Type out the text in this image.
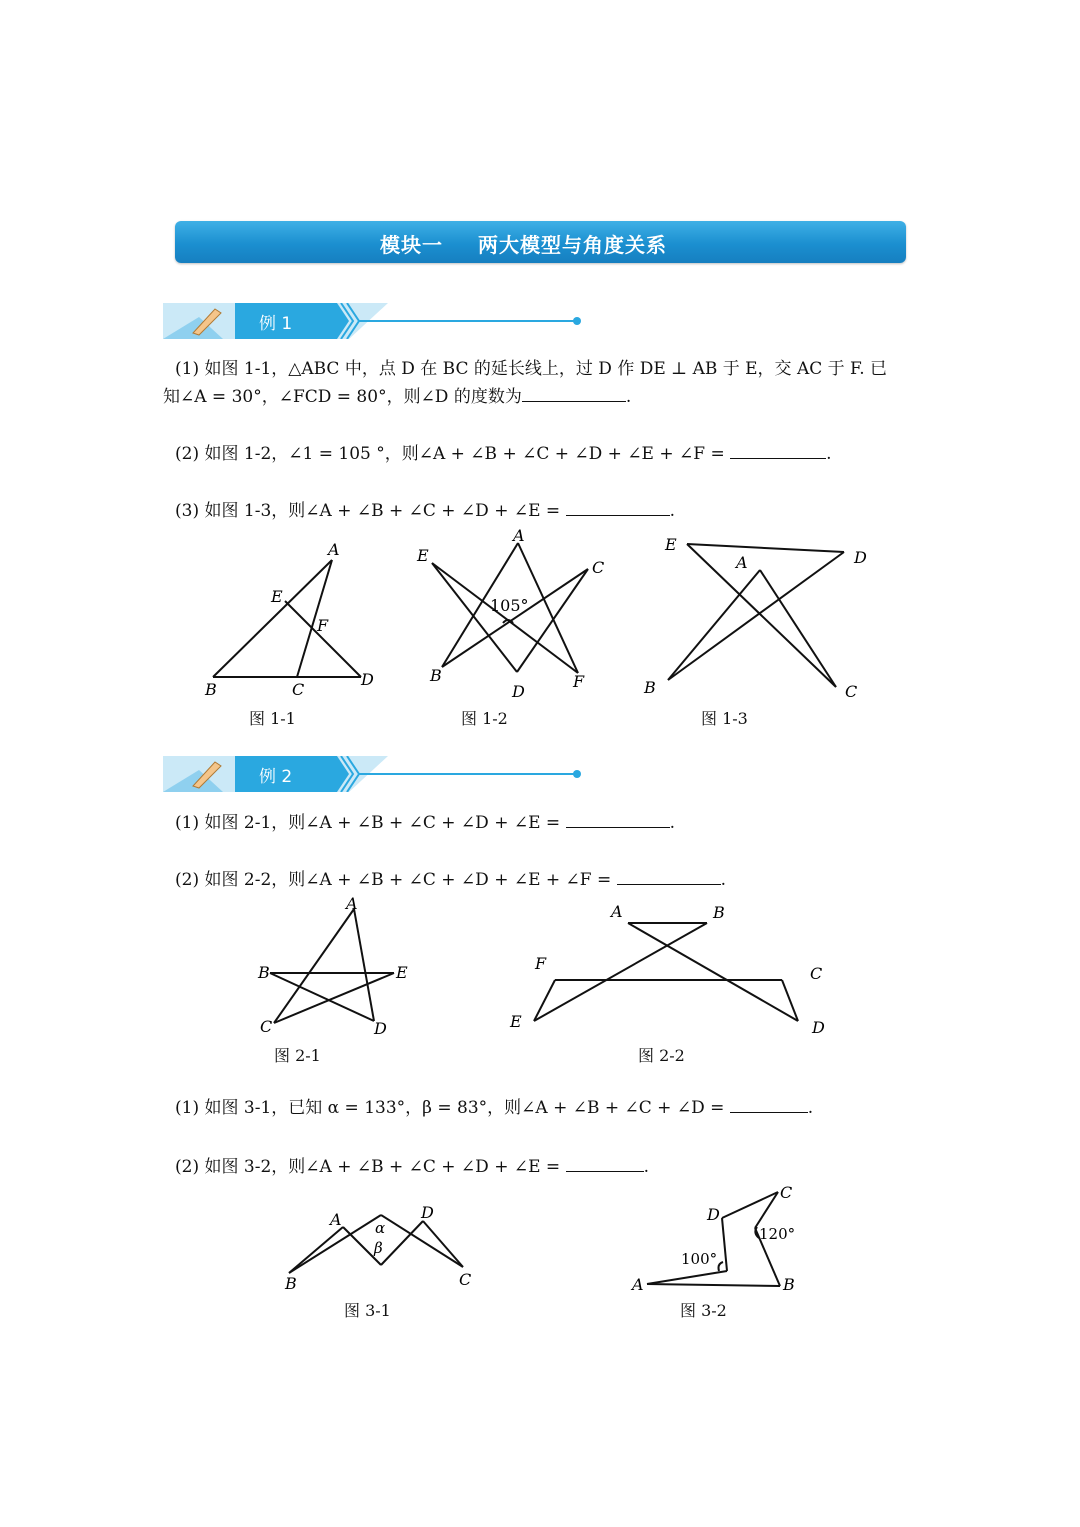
模块一 两大模型与角度关系
例 1
(1) 如图 1-1，△ABC 中，点 D 在 BC 的延长线上，过 D 作 DE ⊥ AB 于 E，交 AC 于 F. 已
知∠A = 30°，∠FCD = 80°，则∠D 的度数为	.
(2) 如图 1-2，∠1 = 105 °，则∠A + ∠B + ∠C + ∠D + ∠E + ∠F =	.
(3) 如图 1-3，则∠A + ∠B + ∠C + ∠D + ∠E =	.
A
B	C
D
E
F
图 1-1
A
B
C
D
E
F
105°
图 1-2
A
B	C
D
E
图 1-3
例 2
(1) 如图 2-1，则∠A + ∠B + ∠C + ∠D + ∠E =	.
(2) 如图 2-2，则∠A + ∠B + ∠C + ∠D + ∠E + ∠F =	.
A
B
C	D
E
图 2-1
A	B
C
D
E
F
图 2-2
(1) 如图 3-1，已知 α = 133°，β = 83°，则∠A + ∠B + ∠C + ∠D =	.
(2) 如图 3-2，则∠A + ∠B + ∠C + ∠D + ∠E =	.
A
B	C
D
α
β
图 3-1
A	B
C
D
100°
120°
图 3-2
